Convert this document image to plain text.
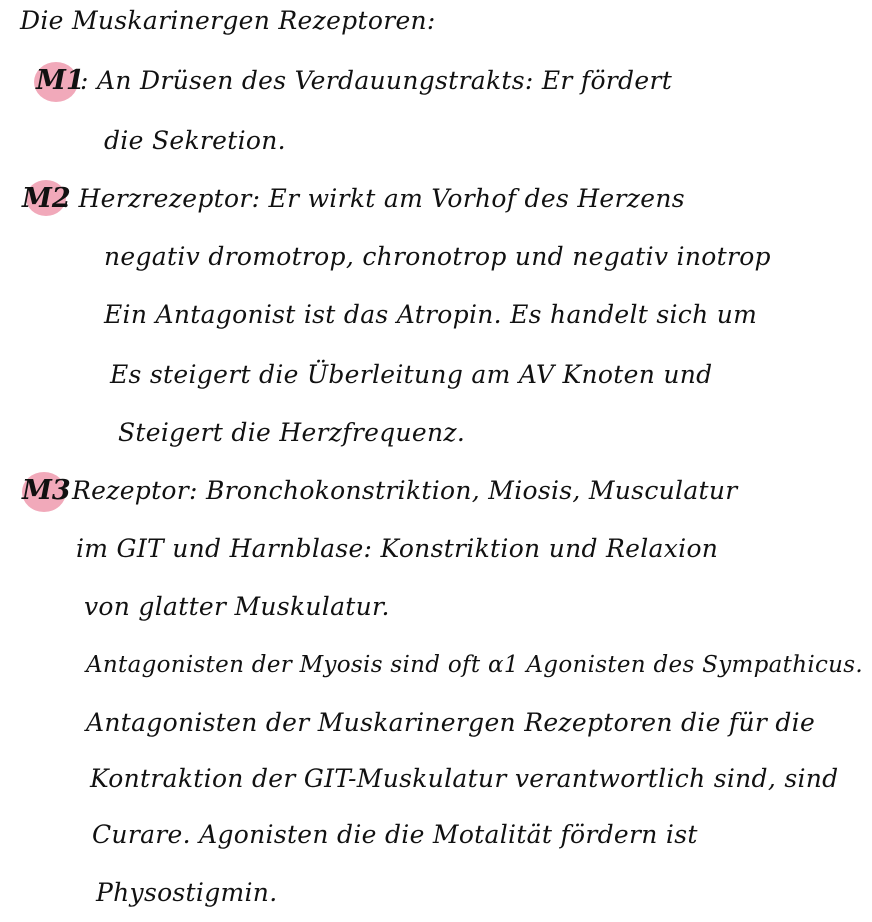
Die Muskarinergen Rezeptoren:
M1
: An Drüsen des Verdauungstrakts: Er fördert
die Sekretion.
M2
. Herzrezeptor: Er wirkt am Vorhof des Herzens
negativ dromotrop, chronotrop und negativ inotrop
Ein Antagonist ist das Atropin. Es handelt sich um
Es steigert die Überleitung am AV Knoten und
Steigert die Herzfrequenz.
M3 Rezeptor: Bronchokonstriktion, Miosis, Musculatur
im GIT und Harnblase: Konstriktion und Relaxion
von glatter Muskulatur.
Antagonisten der Myosis sind oft α1 Agonisten des Sympathicus.
Antagonisten der Muskarinergen Rezeptoren die für die
Kontraktion der GIT-Muskulatur verantwortlich sind, sind
Curare. Agonisten die die Motalität fördern ist
Physostigmin.
